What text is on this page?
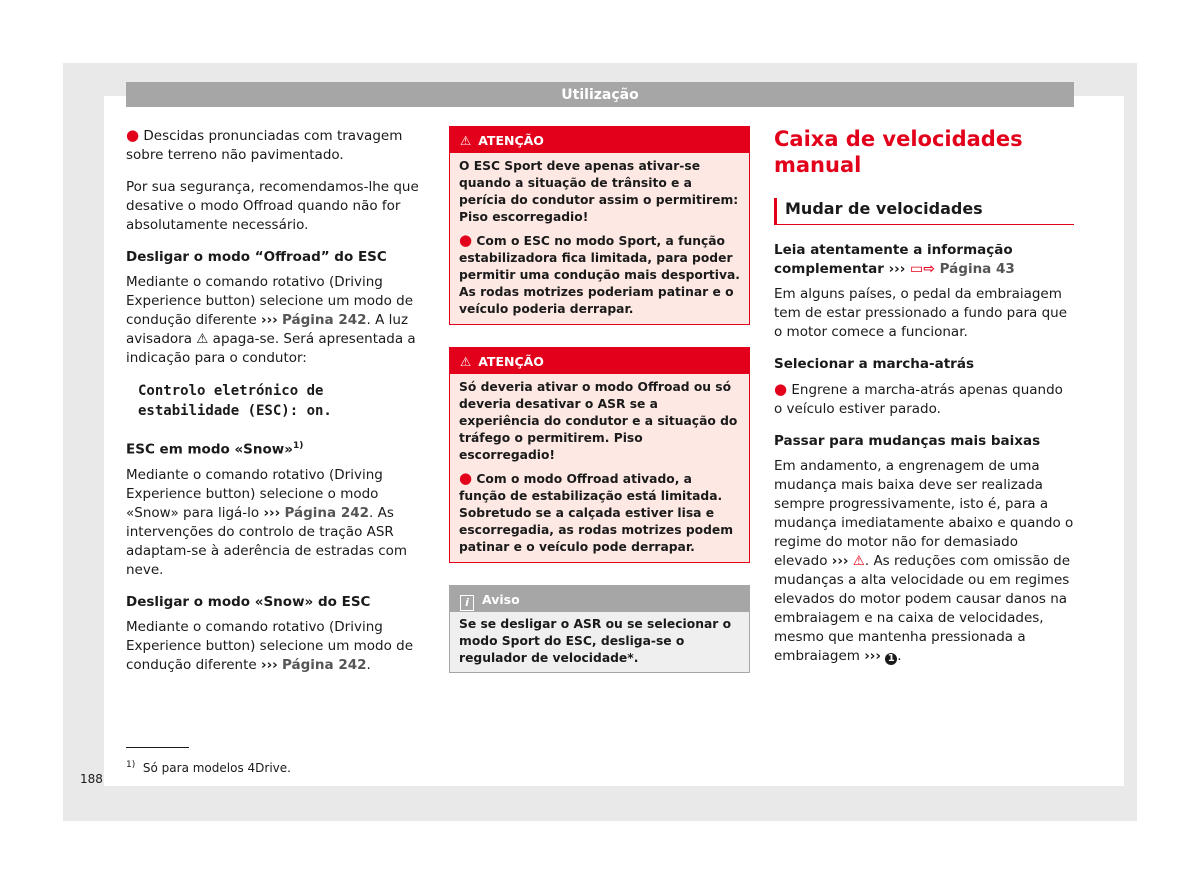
Utilização

● Descidas pronunciadas com travagem sobre terreno não pavimentado.

Por sua segurança, recomendamos-lhe que desative o modo Offroad quando não for absolutamente necessário.

Desligar o modo “Offroad” do ESC

Mediante o comando rotativo (Driving Experience button) selecione um modo de condução diferente ››› Página 242. A luz avisadora ⚠ apaga-se. Será apresentada a indicação para o condutor:

Controlo eletrónico de estabilidade (ESC): on.

ESC em modo «Snow»$^{1)}$

Mediante o comando rotativo (Driving Experience button) selecione o modo «Snow» para ligá-lo ››› Página 242. As intervenções do controlo de tração ASR adaptam-se à aderência de estradas com neve.

Desligar o modo «Snow» do ESC

Mediante o comando rotativo (Driving Experience button) selecione um modo de condução diferente ››› Página 242.

⚠ ATENÇÃO

O ESC Sport deve apenas ativar-se quando a situação de trânsito e a perícia do condutor assim o permitirem: Piso escorregadio!

● Com o ESC no modo Sport, a função estabilizadora fica limitada, para poder permitir uma condução mais desportiva. As rodas motrizes poderiam patinar e o veículo poderia derrapar.

⚠ ATENÇÃO

Só deveria ativar o modo Offroad ou só deveria desativar o ASR se a experiência do condutor e a situação do tráfego o permitirem. Piso escorregadio!

● Com o modo Offroad ativado, a função de estabilização está limitada. Sobretudo se a calçada estiver lisa e escorregadia, as rodas motrizes podem patinar e o veículo pode derrapar.

i Aviso
Se se desligar o ASR ou se selecionar o modo Sport do ESC, desliga-se o regulador de velocidade*.
Caixa de velocidades manual
Mudar de velocidades

Leia atentamente a informação complementar ››› ▭⇨ Página 43

Em alguns países, o pedal da embraiagem tem de estar pressionado a fundo para que o motor comece a funcionar.

Selecionar a marcha-atrás

● Engrene a marcha-atrás apenas quando o veículo estiver parado.

Passar para mudanças mais baixas

Em andamento, a engrenagem de uma mudança mais baixa deve ser realizada sempre progressivamente, isto é, para a mudança imediatamente abaixo e quando o regime do motor não for demasiado elevado ››› ⚠. As reduções com omissão de mudanças a alta velocidade ou em regimes elevados do motor podem causar danos na embraiagem e na caixa de velocidades, mesmo que mantenha pressionada a embraiagem ››› 1 .

$^{1)}$ Só para modelos 4Drive.
188
